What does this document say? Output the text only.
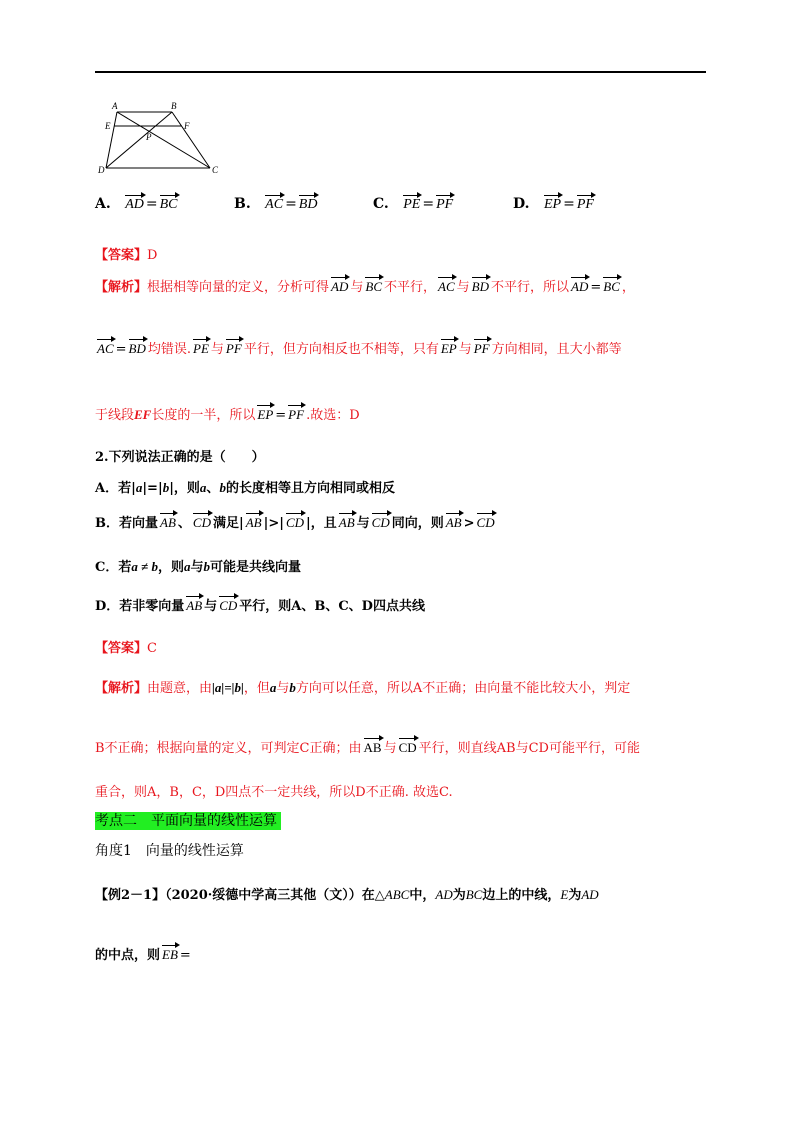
A	B
E	F
P
D	C
A. AD = BC	B. AC = BD	C. PE = PF	D. EP = PF
【答案】D
【解析】根据相等向量的定义，分析可得 AD 与 BC 不平行， AC 与 BD 不平行，所以 AD = BC ，
AC = BD 均错误. PE 与 PF 平行，但方向相反也不相等，只有 EP 与 PF 方向相同，且大小都等
于线段EF长度的一半，所以 EP = PF .故选：D
2.下列说法正确的是（　　）
A．若|a|=|b|，则a、b的长度相等且方向相同或相反
B．若向量 AB 、 CD 满足| AB |>| CD |，且 AB 与 CD 同向，则 AB > CD
C．若a ≠ b，则a与b可能是共线向量
D．若非零向量 AB 与 CD 平行，则A、B、C、D四点共线
【答案】C
【解析】由题意，由|a|=|b|，但a与b方向可以任意，所以A不正确；由向量不能比较大小，判定
B不正确；根据向量的定义，可判定C正确；由 AB 与 CD 平行，则直线AB与CD可能平行，可能
重合，则A，B，C，D四点不一定共线，所以D不正确. 故选C.
考点二　平面向量的线性运算
角度1　向量的线性运算
【例2－1】（2020·绥德中学高三其他（文））在△ABC中，AD为BC边上的中线，E为AD
的中点，则 EB =
